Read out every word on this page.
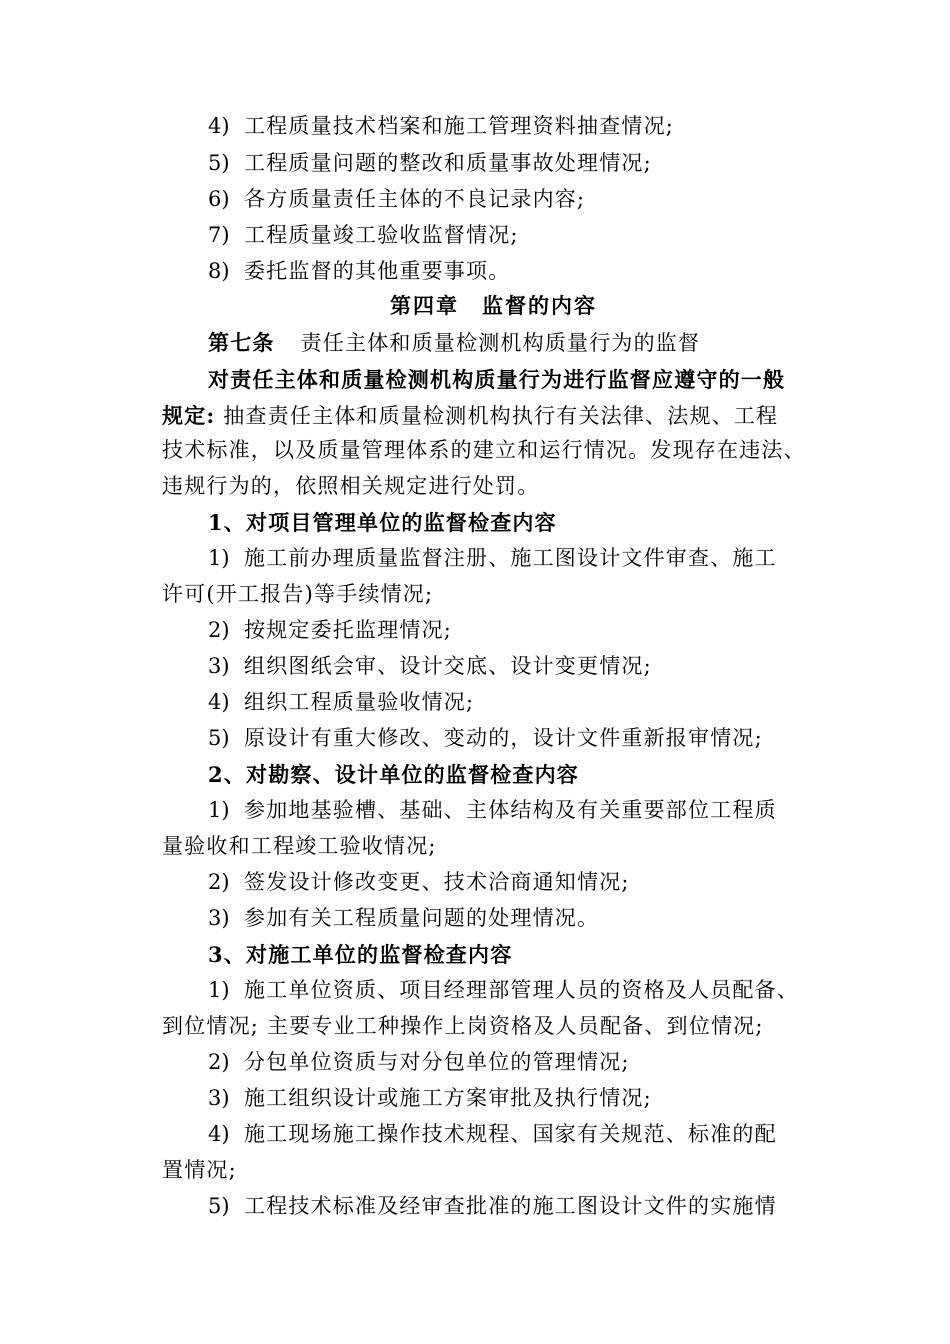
4) 工程质量技术档案和施工管理资料抽查情况;
5) 工程质量问题的整改和质量事故处理情况;
6) 各方质量责任主体的不良记录内容;
7) 工程质量竣工验收监督情况;
8) 委托监督的其他重要事项。
第四章　监督的内容
第七条 责任主体和质量检测机构质量行为的监督
对责任主体和质量检测机构质量行为进行监督应遵守的一般
规定: 抽查责任主体和质量检测机构执行有关法律、法规、工程
技术标准，以及质量管理体系的建立和运行情况。发现存在违法、
违规行为的，依照相关规定进行处罚。
1、对项目管理单位的监督检查内容
1) 施工前办理质量监督注册、施工图设计文件审查、施工
许可(开工报告)等手续情况;
2) 按规定委托监理情况;
3) 组织图纸会审、设计交底、设计变更情况;
4) 组织工程质量验收情况;
5) 原设计有重大修改、变动的，设计文件重新报审情况;
2、对勘察、设计单位的监督检查内容
1) 参加地基验槽、基础、主体结构及有关重要部位工程质
量验收和工程竣工验收情况;
2) 签发设计修改变更、技术洽商通知情况;
3) 参加有关工程质量问题的处理情况。
3、对施工单位的监督检查内容
1) 施工单位资质、项目经理部管理人员的资格及人员配备、
到位情况; 主要专业工种操作上岗资格及人员配备、到位情况;
2) 分包单位资质与对分包单位的管理情况;
3) 施工组织设计或施工方案审批及执行情况;
4) 施工现场施工操作技术规程、国家有关规范、标准的配
置情况;
5) 工程技术标准及经审查批准的施工图设计文件的实施情
